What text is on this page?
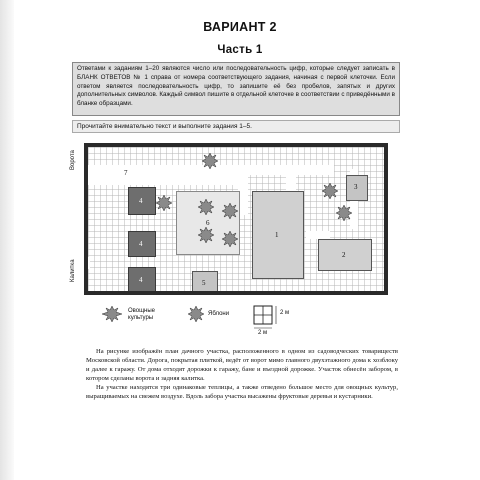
ВАРИАНТ 2
Часть 1
Ответами к заданиям 1–20 являются число или последовательность цифр, которые следует записать в БЛАНК ОТВЕТОВ № 1 справа от номера соответствующего задания, начиная с первой клеточки. Если ответом является последовательность цифр, то запишите её без пробелов, запятых и других дополнительных символов. Каждый символ пишите в отдельной клеточке в соответствии с приведёнными в бланке образцами.
Прочитайте внимательно текст и выполните задания 1–5.
Ворота
Калитка
7
4
4
4
6
1
3
2
5
Овощные культуры
Яблони	2 м
2 м

На рисунке изображён план дачного участка, расположенного в одном из садоводческих товариществ Московской области. Дорога, покрытая плиткой, ведёт от ворот мимо главного двухэтажного дома к хозблоку и далее к гаражу. От дома отходят дорожки к гаражу, бане и въездной дорожке. Участок обнесён забором, в котором сделаны ворота и задняя калитка.

На участке находятся три одинаковые теплицы, а также отведено большое место для овощных культур, выращиваемых на свежем воздухе. Вдоль забора участка высажены фруктовые деревья и кустарники.
